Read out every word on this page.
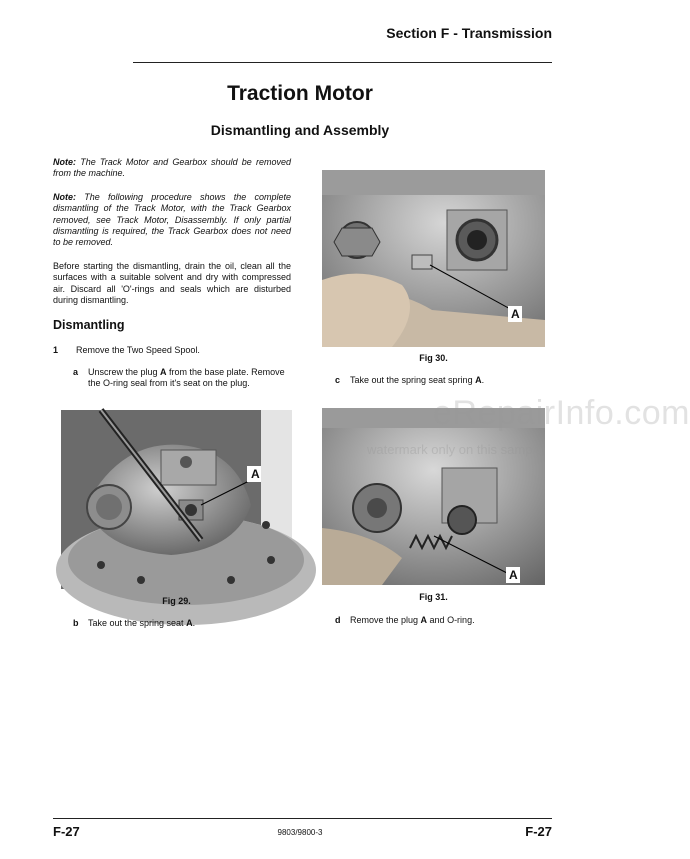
Section F - Transmission
Traction Motor
Dismantling and Assembly
Note: The Track Motor and Gearbox should be removed from the machine.
Note: The following procedure shows the complete dismantling of the Track Motor, with the Track Gearbox removed, see Track Motor, Disassembly. If only partial dismantling is required, the Track Gearbox does not need to be removed.
Before starting the dismantling, drain the oil, clean all the surfaces with a suitable solvent and dry with compressed air. Discard all 'O'-rings and seals which are disturbed during dismantling.
Dismantling
1 Remove the Two Speed Spool.
a Unscrew the plug A from the base plate. Remove the O-ring seal from it's seat on the plug.
A
Fig 29.
b Take out the spring seat A.
A
Fig 30.
c Take out the spring seat spring A.
A
Fig 31.
d Remove the plug A and O-ring.
eRepairInfo.com
watermark only on this sample
F-27	9803/9800-3	F-27
